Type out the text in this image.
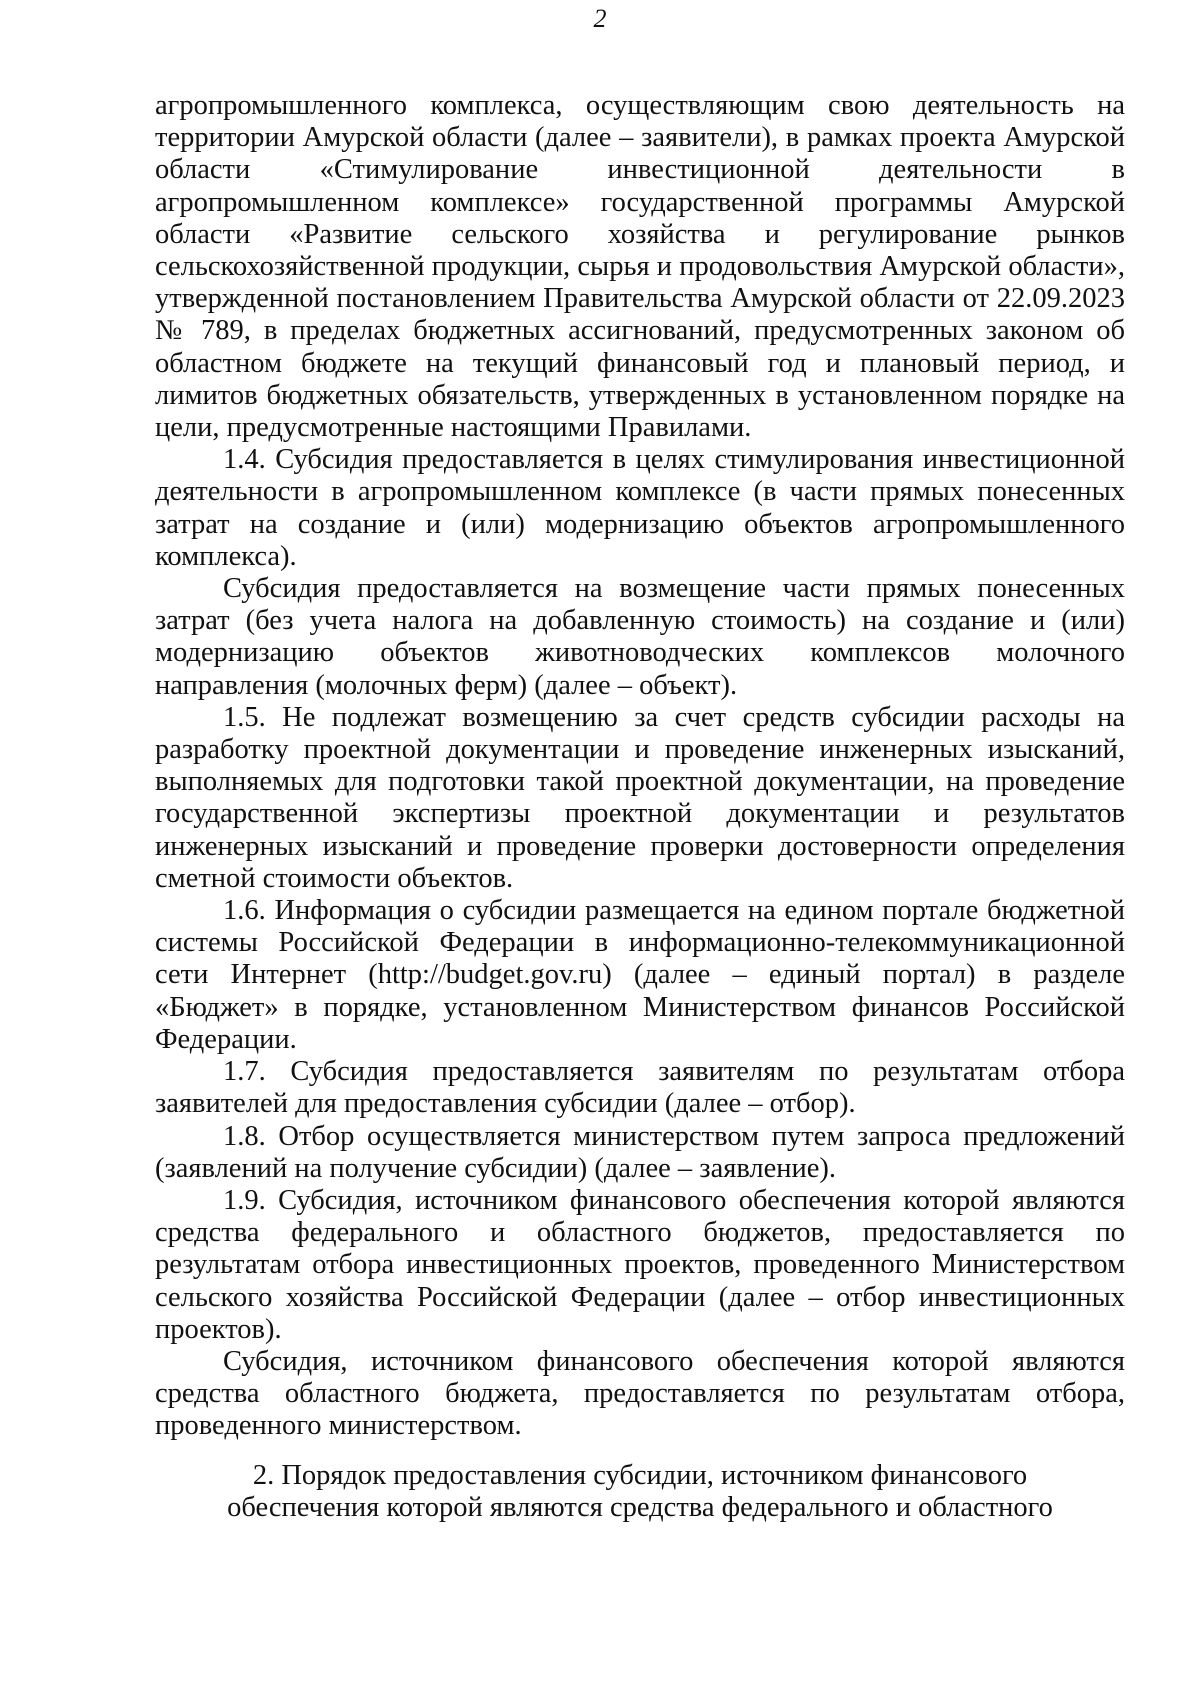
2

агропромышленного комплекса, осуществляющим свою деятельность на территории Амурской области (далее – заявители), в рамках проекта Амурской области «Стимулирование инвестиционной деятельности в агропромышленном комплексе» государственной программы Амурской области «Развитие сельского хозяйства и регулирование рынков сельскохозяйственной продукции, сырья и продовольствия Амурской области», утвержденной постановлением Правительства Амурской области от 22.09.2023 № 789, в пределах бюджетных ассигнований, предусмотренных законом об областном бюджете на текущий финансовый год и плановый период, и лимитов бюджетных обязательств, утвержденных в установленном порядке на цели, предусмотренные настоящими Правилами.

1.4. Субсидия предоставляется в целях стимулирования инвестиционной деятельности в агропромышленном комплексе (в части прямых понесенных затрат на создание и (или) модернизацию объектов агропромышленного комплекса).

Субсидия предоставляется на возмещение части прямых понесенных затрат (без учета налога на добавленную стоимость) на создание и (или) модернизацию объектов животноводческих комплексов молочного направления (молочных ферм) (далее – объект).

1.5. Не подлежат возмещению за счет средств субсидии расходы на разработку проектной документации и проведение инженерных изысканий, выполняемых для подготовки такой проектной документации, на проведение государственной экспертизы проектной документации и результатов инженерных изысканий и проведение проверки достоверности определения сметной стоимости объектов.

1.6. Информация о субсидии размещается на едином портале бюджетной системы Российской Федерации в информационно-телекоммуникационной сети Интернет (http://budget.gov.ru) (далее – единый портал) в разделе «Бюджет» в порядке, установленном Министерством финансов Российской Федерации.

1.7. Субсидия предоставляется заявителям по результатам отбора заявителей для предоставления субсидии (далее – отбор).

1.8. Отбор осуществляется министерством путем запроса предложений (заявлений на получение субсидии) (далее – заявление).

1.9. Субсидия, источником финансового обеспечения которой являются средства федерального и областного бюджетов, предоставляется по результатам отбора инвестиционных проектов, проведенного Министерством сельского хозяйства Российской Федерации (далее – отбор инвестиционных проектов).

Субсидия, источником финансового обеспечения которой являются средства областного бюджета, предоставляется по результатам отбора, проведенного министерством.

2. Порядок предоставления субсидии, источником финансового
обеспечения которой являются средства федерального и областного
